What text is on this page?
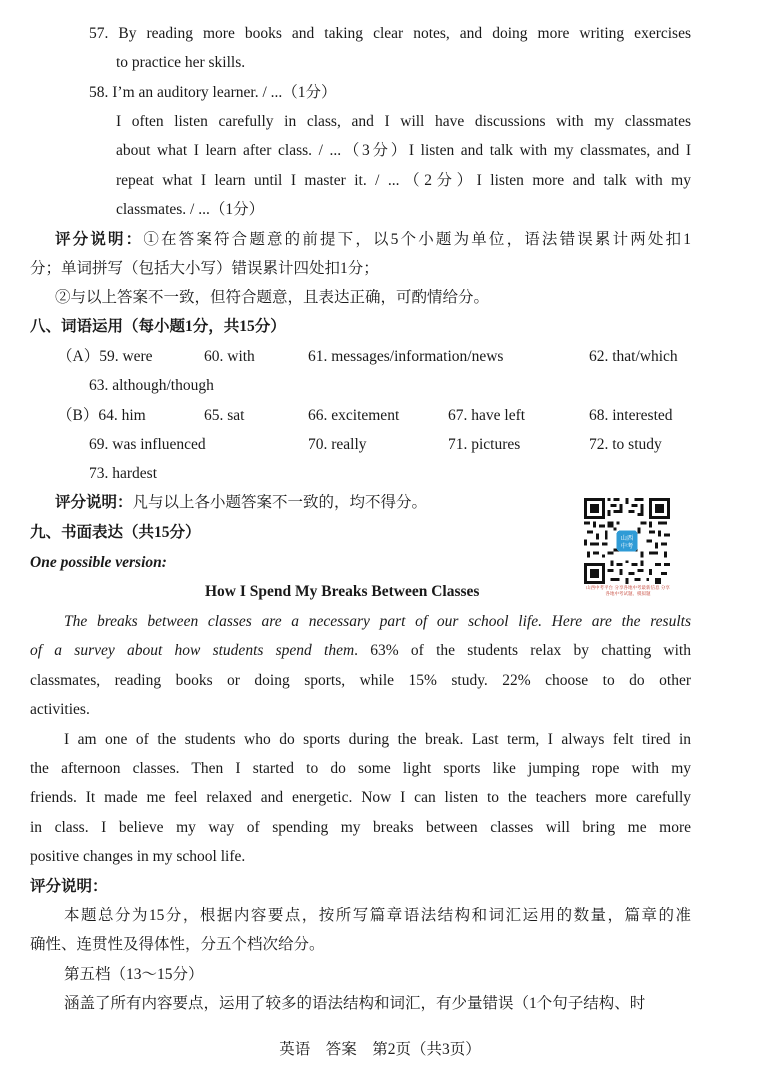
57. By reading more books and taking clear notes, and doing more writing exercises
to practice her skills.
58. I’m an auditory learner. / ...（1分）
I often listen carefully in class, and I will have discussions with my classmates
about what I learn after class. / ...（3分）I listen and talk with my classmates, and I
repeat what I learn until I master it. / ...（2分）I listen more and talk with my
classmates. / ...（1分）
评分说明：①在答案符合题意的前提下，以5个小题为单位，语法错误累计两处扣1
分；单词拼写（包括大小写）错误累计四处扣1分；
②与以上答案不一致，但符合题意，且表达正确，可酌情给分。
八、词语运用（每小题1分，共15分）
（A）59. were	60. with	61. messages/information/news	62. that/which
63. although/though
（B）64. him	65. sat	66. excitement	67. have left	68. interested
69. was influenced	70. really	71. pictures	72. to study
73. hardest
评分说明：凡与以上各小题答案不一致的，均不得分。
九、书面表达（共15分）
One possible version:
How I Spend My Breaks Between Classes
The breaks between classes are a necessary part of our school life. Here are the results
of a survey about how students spend them. 63% of the students relax by chatting with
classmates, reading books or doing sports, while 15% study. 22% choose to do other
activities.
I am one of the students who do sports during the break. Last term, I always felt tired in
the afternoon classes. Then I started to do some light sports like jumping rope with my
friends. It made me feel relaxed and energetic. Now I can listen to the teachers more carefully
in class. I believe my way of spending my breaks between classes will bring me more
positive changes in my school life.
评分说明：
本题总分为15分，根据内容要点，按所写篇章语法结构和词汇运用的数量，篇章的准
确性、连贯性及得体性，分五个档次给分。
第五档（13～15分）
涵盖了所有内容要点，运用了较多的语法结构和词汇，有少量错误（1个句子结构、时
山西
中考
山西中考平台 分享各地中考最新信息 分享各地中考试题、模拟题
英语　答案　第2页（共3页）
